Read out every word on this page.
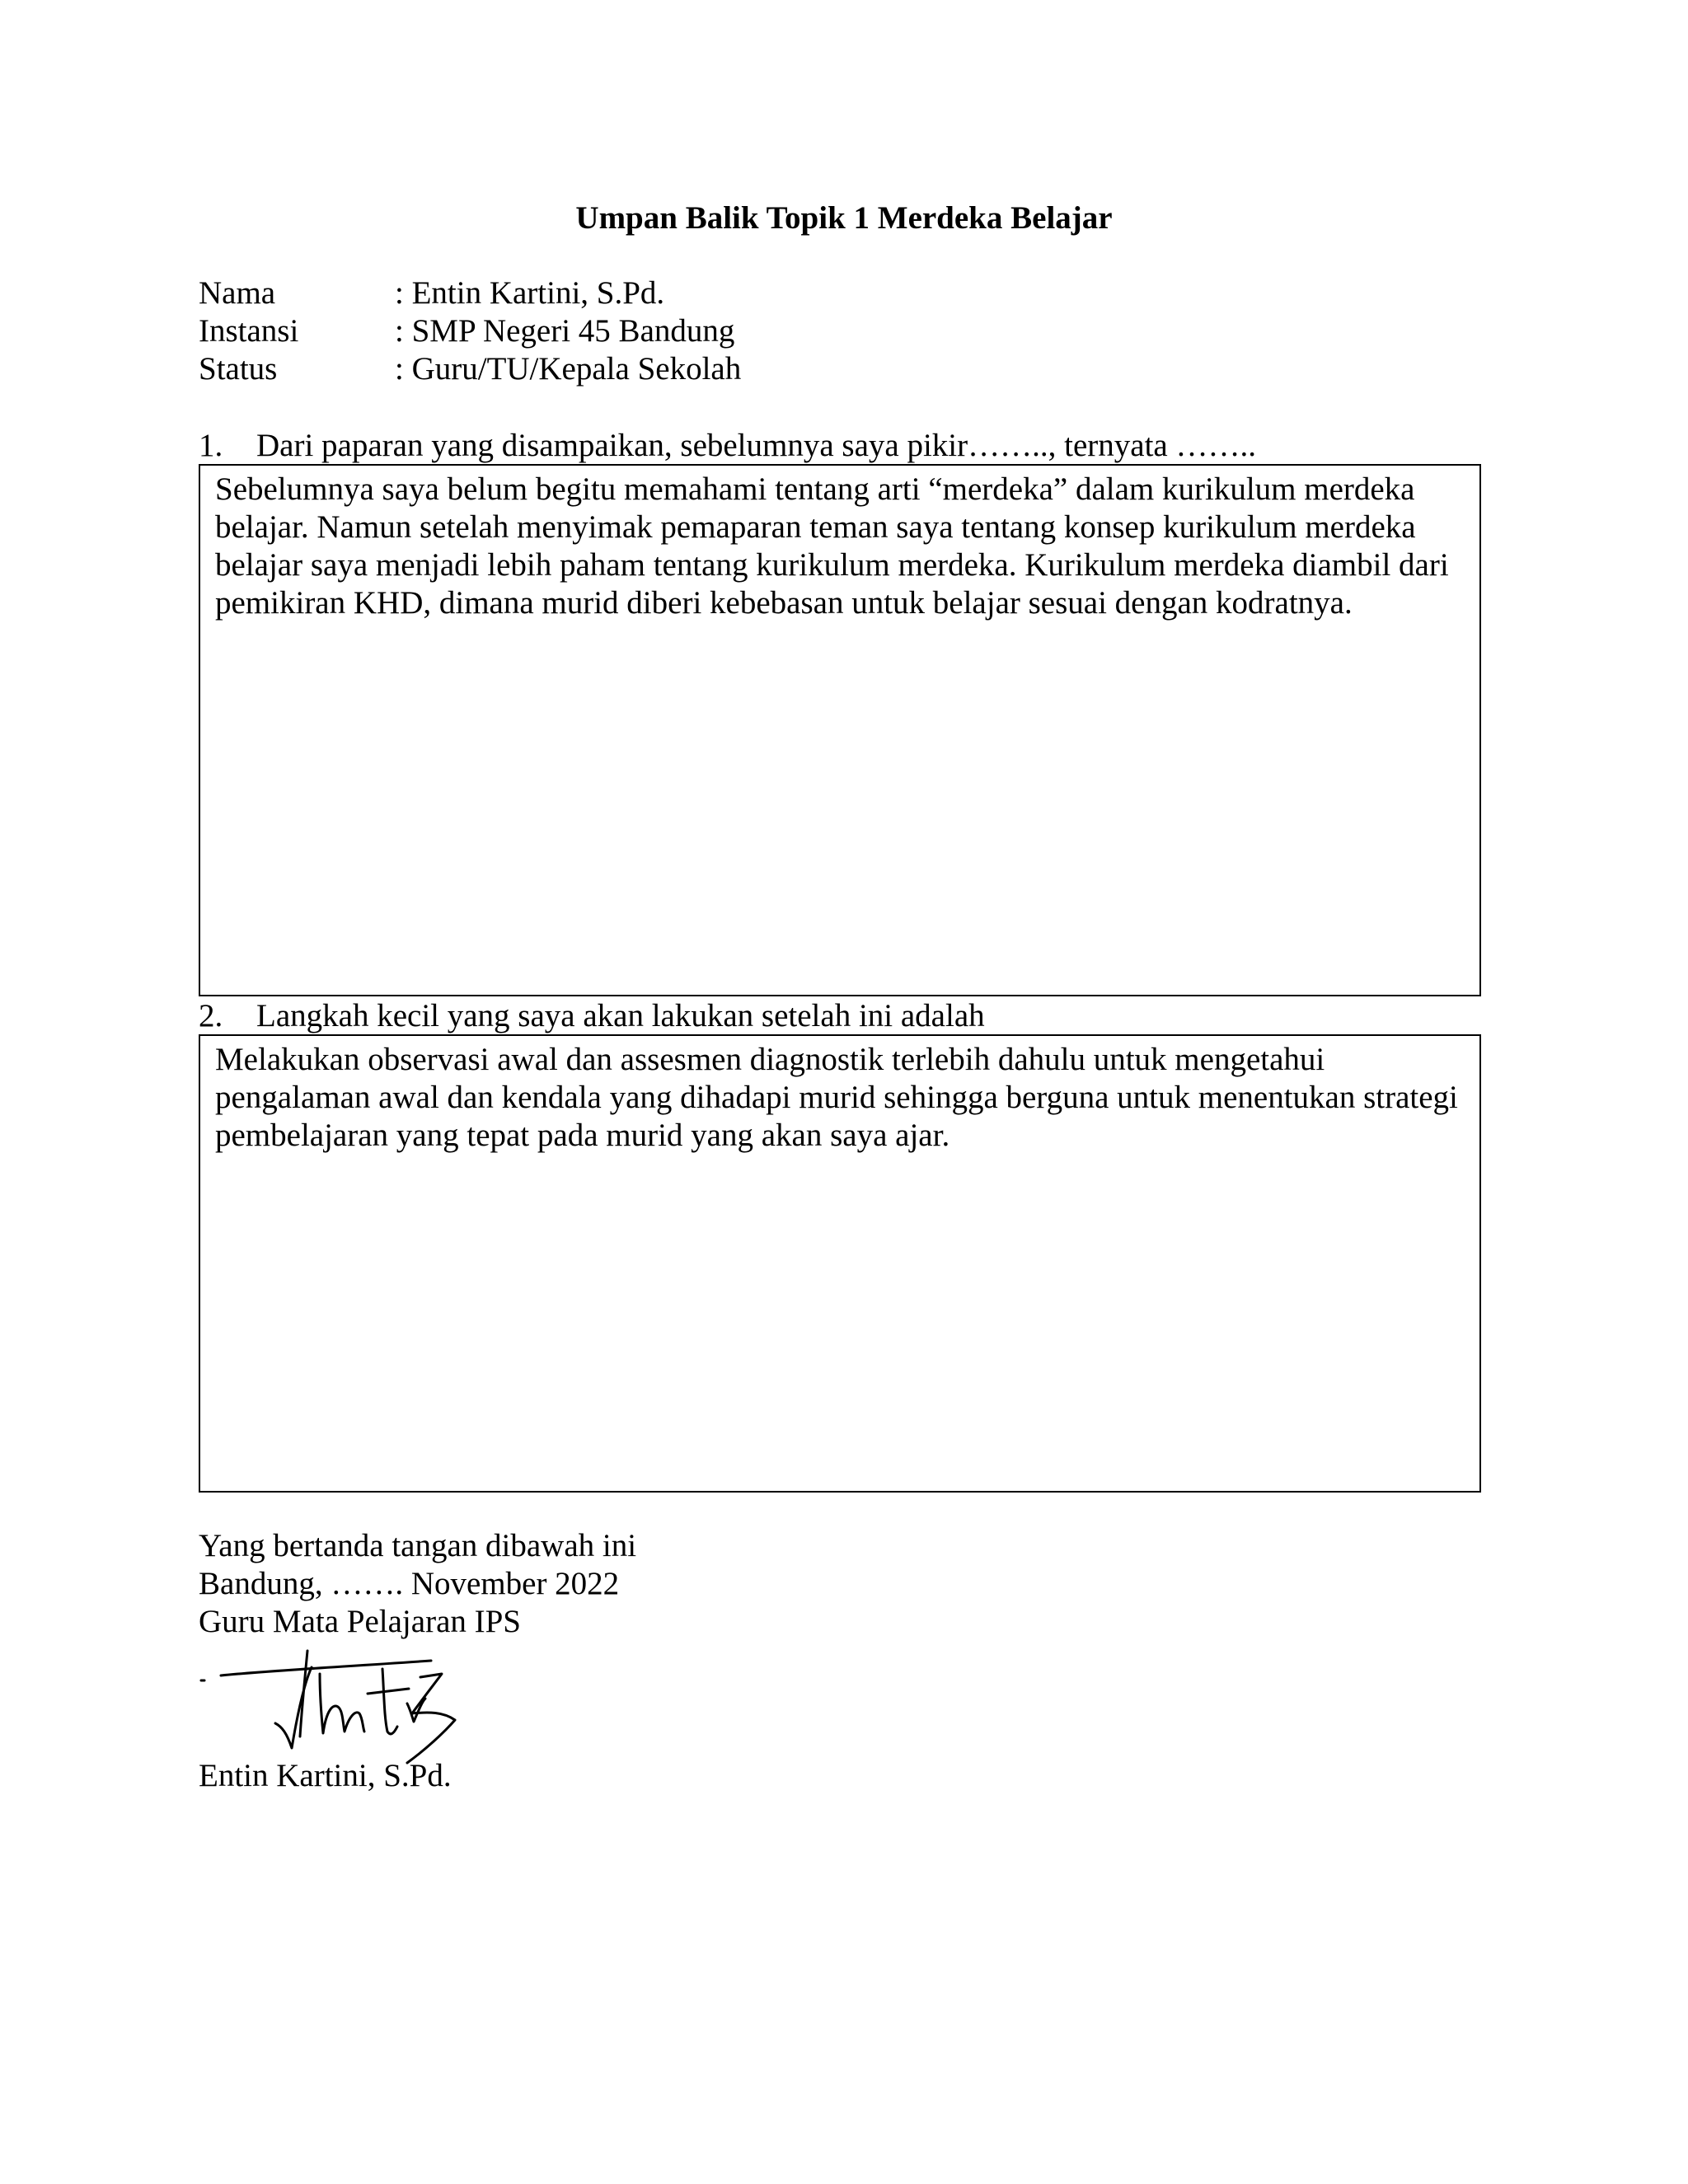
Umpan Balik Topik 1 Merdeka Belajar
Nama	: Entin Kartini, S.Pd.
Instansi	: SMP Negeri 45 Bandung
Status	: Guru/TU/Kepala Sekolah
1. Dari paparan yang disampaikan, sebelumnya saya pikir…….., ternyata ……..
Sebelumnya saya belum begitu memahami tentang arti “merdeka” dalam kurikulum merdeka belajar. Namun setelah menyimak pemaparan teman saya tentang konsep kurikulum merdeka belajar saya menjadi lebih paham tentang kurikulum merdeka. Kurikulum merdeka diambil dari pemikiran KHD, dimana murid diberi kebebasan untuk belajar sesuai dengan kodratnya.
2. Langkah kecil yang saya akan lakukan setelah ini adalah
Melakukan observasi awal dan assesmen diagnostik terlebih dahulu untuk mengetahui pengalaman awal dan kendala yang dihadapi murid sehingga berguna untuk menentukan strategi pembelajaran yang tepat pada murid yang akan saya ajar.
Yang bertanda tangan dibawah ini
Bandung, ……. November 2022
Guru Mata Pelajaran IPS
Entin Kartini, S.Pd.
